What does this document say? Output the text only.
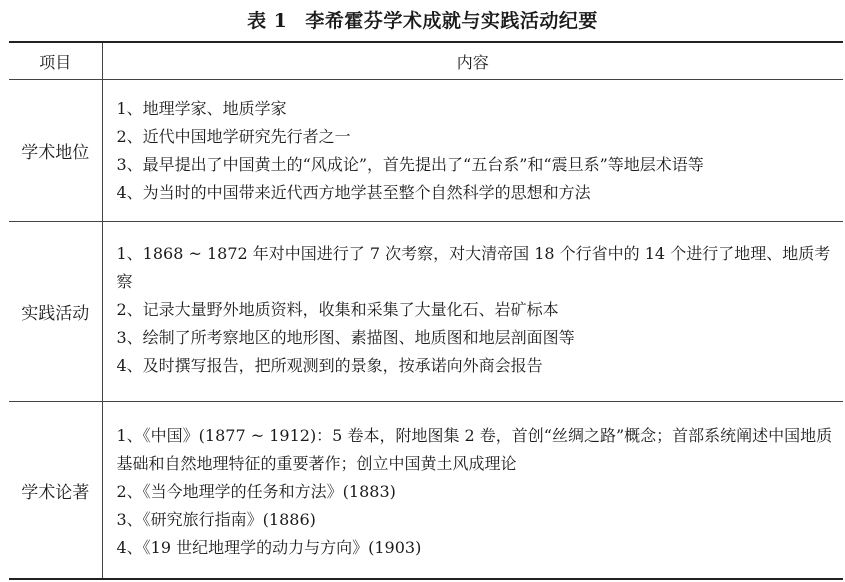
表 1 李希霍芬学术成就与实践活动纪要
项目	内容
学术地位	1、地理学家、地质学家
2、近代中国地学研究先行者之一
3、最早提出了中国黄土的“风成论”，首先提出了“五台系”和“震旦系”等地层术语等
4、为当时的中国带来近代西方地学甚至整个自然科学的思想和方法

实践活动	1、1868 ~ 1872 年对中国进行了 7 次考察，对大清帝国 18 个行省中的 14 个进行了地理、地质考察
2、记录大量野外地质资料，收集和采集了大量化石、岩矿标本
3、绘制了所考察地区的地形图、素描图、地质图和地层剖面图等
4、及时撰写报告，把所观测到的景象，按承诺向外商会报告

学术论著	1、《中国》(1877 ~ 1912)：5 卷本，附地图集 2 卷，首创“丝绸之路”概念；首部系统阐述中国地质基础和自然地理特征的重要著作；创立中国黄土风成理论
2、《当今地理学的任务和方法》(1883)
3、《研究旅行指南》(1886)
4、《19 世纪地理学的动力与方向》(1903)
